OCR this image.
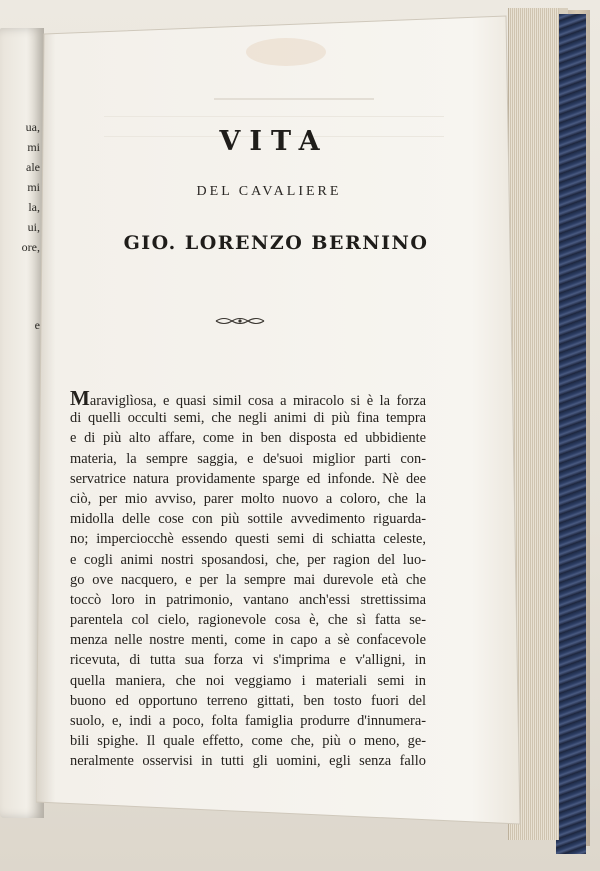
ua,
mi
ale
mi
la,
ui,
ore,
e
VITA
DEL CAVALIERE
GIO. LORENZO BERNINO
Maraviglìosa, e quasi simil cosa a miracolo si è la forza
di quelli occulti semi, che negli animi di più fina tempra
e di più alto affare, come in ben disposta ed ubbidiente
materia, la sempre saggia, e de'suoi miglior parti con-
servatrice natura providamente sparge ed infonde. Nè dee
ciò, per mio avviso, parer molto nuovo a coloro, che la
midolla delle cose con più sottile avvedimento riguarda-
no; imperciocchè essendo questi semi di schiatta celeste,
e cogli animi nostri sposandosi, che, per ragion del luo-
go ove nacquero, e per la sempre mai durevole età che
toccò loro in patrimonio, vantano anch'essi strettissima
parentela col cielo, ragionevole cosa è, che sì fatta se-
menza nelle nostre menti, come in capo a sè confacevole
ricevuta, di tutta sua forza vi s'imprima e v'alligni, in
quella maniera, che noi veggiamo i materiali semi in
buono ed opportuno terreno gittati, ben tosto fuori del
suolo, e, indi a poco, folta famiglia produrre d'innumera-
bili spighe. Il quale effetto, come che, più o meno, ge-
neralmente osservisi in tutti gli uomini, egli senza fallo
